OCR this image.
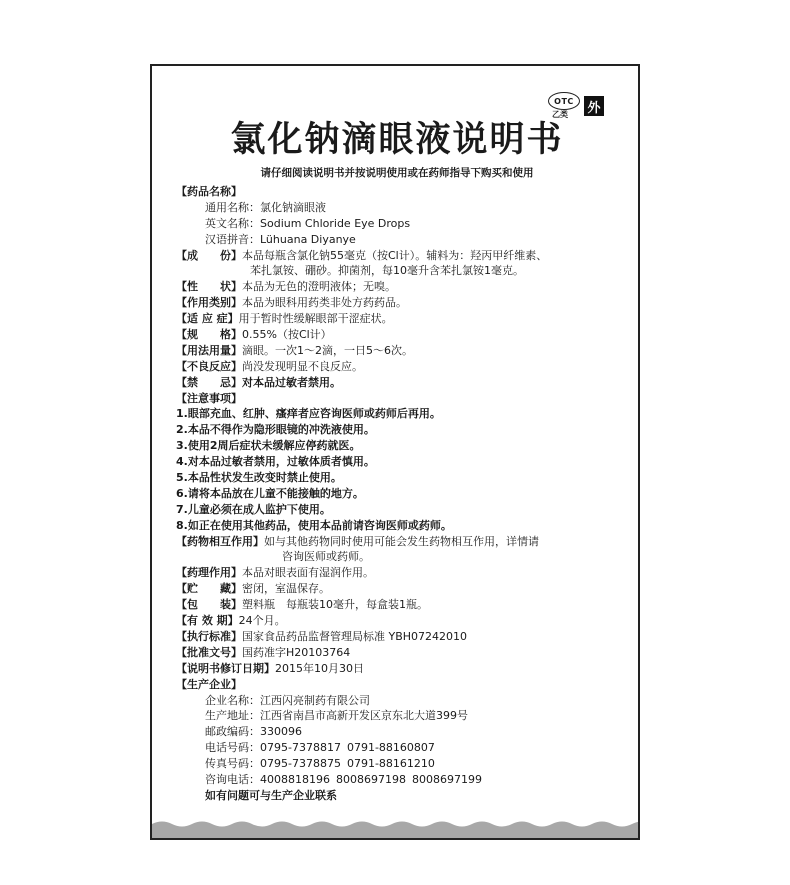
OTC
乙类 外
氯化钠滴眼液说明书
请仔细阅读说明书并按说明使用或在药师指导下购买和使用
【药品名称】
通用名称：氯化钠滴眼液
英文名称：Sodium Chloride Eye Drops
汉语拼音：Lühuana Diyanye
【成　　份】本品每瓶含氯化钠55毫克（按Cl计）。辅料为：羟丙甲纤维素、
苯扎氯铵、硼砂。抑菌剂，每10毫升含苯扎氯铵1毫克。
【性　　状】本品为无色的澄明液体；无嗅。
【作用类别】本品为眼科用药类非处方药药品。
【适 应 症】用于暂时性缓解眼部干涩症状。
【规　　格】0.55%（按Cl计）
【用法用量】滴眼。一次1～2滴，一日5～6次。
【不良反应】尚没发现明显不良反应。
【禁　　忌】对本品过敏者禁用。
【注意事项】
1.眼部充血、红肿、瘙痒者应咨询医师或药师后再用。
2.本品不得作为隐形眼镜的冲洗液使用。
3.使用2周后症状未缓解应停药就医。
4.对本品过敏者禁用，过敏体质者慎用。
5.本品性状发生改变时禁止使用。
6.请将本品放在儿童不能接触的地方。
7.儿童必须在成人监护下使用。
8.如正在使用其他药品，使用本品前请咨询医师或药师。
【药物相互作用】如与其他药物同时使用可能会发生药物相互作用，详情请
咨询医师或药师。
【药理作用】本品对眼表面有湿润作用。
【贮　　藏】密闭，室温保存。
【包　　装】塑料瓶　每瓶装10毫升，每盒装1瓶。
【有 效 期】24个月。
【执行标准】国家食品药品监督管理局标准 YBH07242010
【批准文号】国药准字H20103764
【说明书修订日期】2015年10月30日
【生产企业】
企业名称：江西闪亮制药有限公司
生产地址：江西省南昌市高新开发区京东北大道399号
邮政编码：330096
电话号码：0795-7378817 0791-88160807
传真号码：0795-7378875 0791-88161210
咨询电话：4008818196 8008697198 8008697199
如有问题可与生产企业联系
